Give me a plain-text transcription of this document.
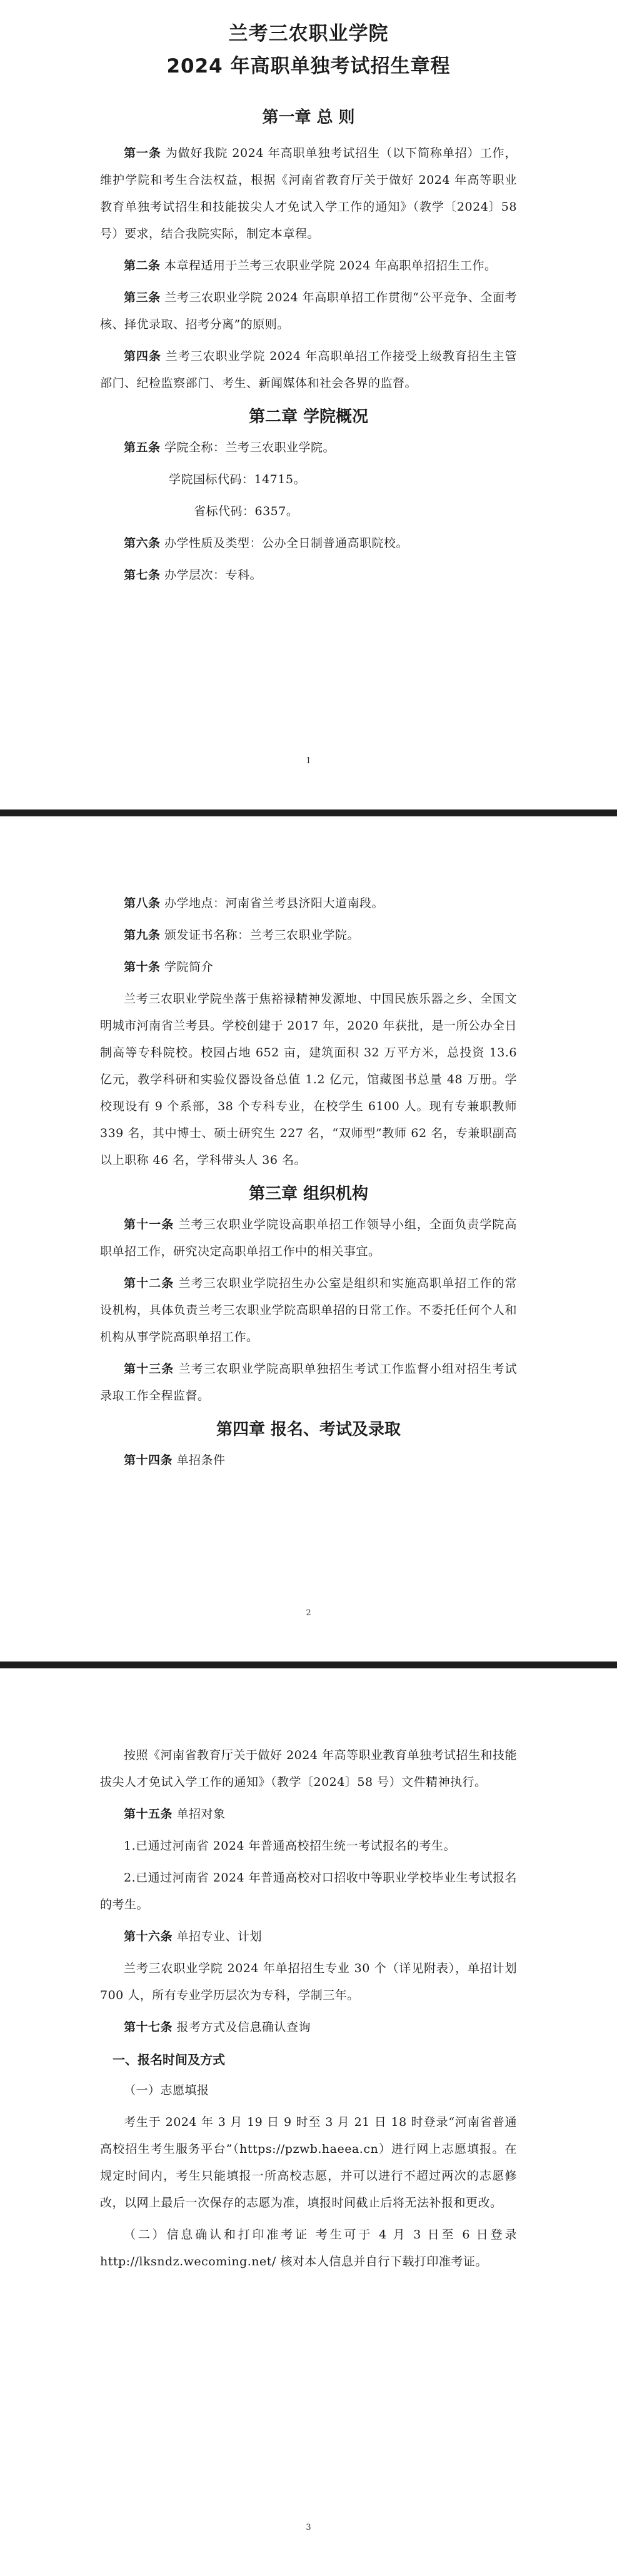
兰考三农职业学院
2024 年高职单独考试招生章程
第一章 总 则

第一条 为做好我院 2024 年高职单独考试招生（以下简称单招）工作，维护学院和考生合法权益，根据《河南省教育厅关于做好 2024 年高等职业教育单独考试招生和技能拔尖人才免试入学工作的通知》（教学〔2024〕58 号）要求，结合我院实际，制定本章程。

第二条 本章程适用于兰考三农职业学院 2024 年高职单招招生工作。

第三条 兰考三农职业学院 2024 年高职单招工作贯彻“公平竞争、全面考核、择优录取、招考分离”的原则。

第四条 兰考三农职业学院 2024 年高职单招工作接受上级教育招生主管部门、纪检监察部门、考生、新闻媒体和社会各界的监督。

第二章 学院概况

第五条 学院全称：兰考三农职业学院。

学院国标代码：14715。

省标代码：6357。

第六条 办学性质及类型：公办全日制普通高职院校。

第七条 办学层次：专科。

1

第八条 办学地点：河南省兰考县济阳大道南段。

第九条 颁发证书名称：兰考三农职业学院。

第十条 学院简介

兰考三农职业学院坐落于焦裕禄精神发源地、中国民族乐器之乡、全国文明城市河南省兰考县。学校创建于 2017 年，2020 年获批，是一所公办全日制高等专科院校。校园占地 652 亩，建筑面积 32 万平方米，总投资 13.6 亿元，教学科研和实验仪器设备总值 1.2 亿元，馆藏图书总量 48 万册。学校现设有 9 个系部，38 个专科专业，在校学生 6100 人。现有专兼职教师 339 名，其中博士、硕士研究生 227 名，“双师型”教师 62 名，专兼职副高以上职称 46 名，学科带头人 36 名。

第三章 组织机构

第十一条 兰考三农职业学院设高职单招工作领导小组，全面负责学院高职单招工作，研究决定高职单招工作中的相关事宜。

第十二条 兰考三农职业学院招生办公室是组织和实施高职单招工作的常设机构，具体负责兰考三农职业学院高职单招的日常工作。不委托任何个人和机构从事学院高职单招工作。

第十三条 兰考三农职业学院高职单独招生考试工作监督小组对招生考试录取工作全程监督。

第四章 报名、考试及录取

第十四条 单招条件

2

按照《河南省教育厅关于做好 2024 年高等职业教育单独考试招生和技能拔尖人才免试入学工作的通知》（教学〔2024〕58 号）文件精神执行。

第十五条 单招对象

1.已通过河南省 2024 年普通高校招生统一考试报名的考生。

2.已通过河南省 2024 年普通高校对口招收中等职业学校毕业生考试报名的考生。

第十六条 单招专业、计划

兰考三农职业学院 2024 年单招招生专业 30 个（详见附表），单招计划 700 人，所有专业学历层次为专科，学制三年。

第十七条 报考方式及信息确认查询

一、报名时间及方式

（一）志愿填报

考生于 2024 年 3 月 19 日 9 时至 3 月 21 日 18 时登录“河南省普通高校招生考生服务平台”（https://pzwb.haeea.cn）进行网上志愿填报。在规定时间内，考生只能填报一所高校志愿，并可以进行不超过两次的志愿修改，以网上最后一次保存的志愿为准，填报时间截止后将无法补报和更改。

（二）信息确认和打印准考证 考生可于 4 月 3 日至 6 日登录 http://lksndz.wecoming.net/ 核对本人信息并自行下载打印准考证。

3
